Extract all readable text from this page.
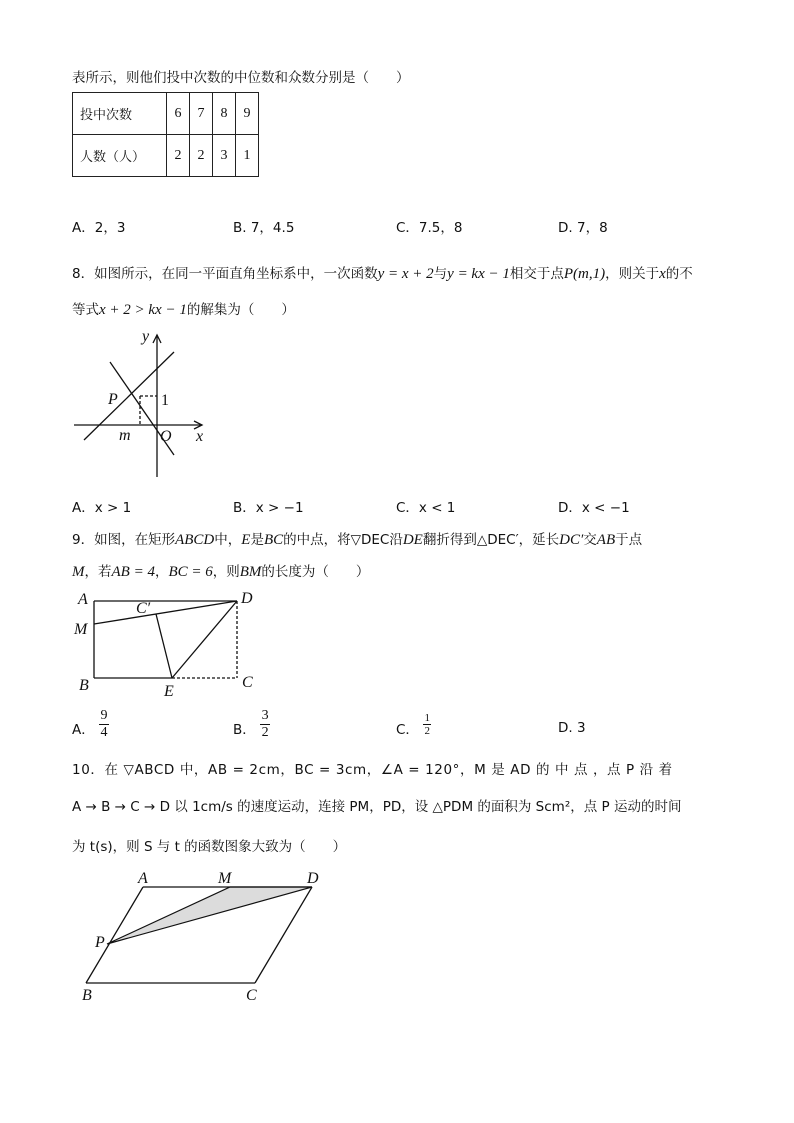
表所示，则他们投中次数的中位数和众数分别是（　　）
投中次数	6	7	8	9
人数（人）	2	2	3	1
A．2，3	B. 7，4.5	C．7.5，8	D. 7，8
8．如图所示，在同一平面直角坐标系中，一次函数y = x + 2与y = kx − 1相交于点P(m,1)，则关于x的不
等式x + 2 > kx − 1的解集为（　　）
y
x
P	1
m O
A．x > 1	B．x > −1	C．x < 1	D．x < −1
9．如图，在矩形ABCD中，E是BC的中点，将▽DEC沿DE翻折得到△DEC′，延长DC′交AB于点
M，若AB = 4，BC = 6，则BM的长度为（　　）
A	D
C′
M
B	E
C
A． $\frac{9}{4}$	B． $\frac{3}{2}$	C． $\frac{1}{2}$	D. 3
10．在 ▽ABCD 中，AB = 2cm，BC = 3cm，∠A = 120°，M 是 AD 的 中 点 ，点 P 沿 着
A → B → C → D 以 1cm/s 的速度运动，连接 PM，PD，设 △PDM 的面积为 Scm²，点 P 运动的时间
为 t(s)，则 S 与 t 的函数图象大致为（　　）
A	M	D
P
B	C
